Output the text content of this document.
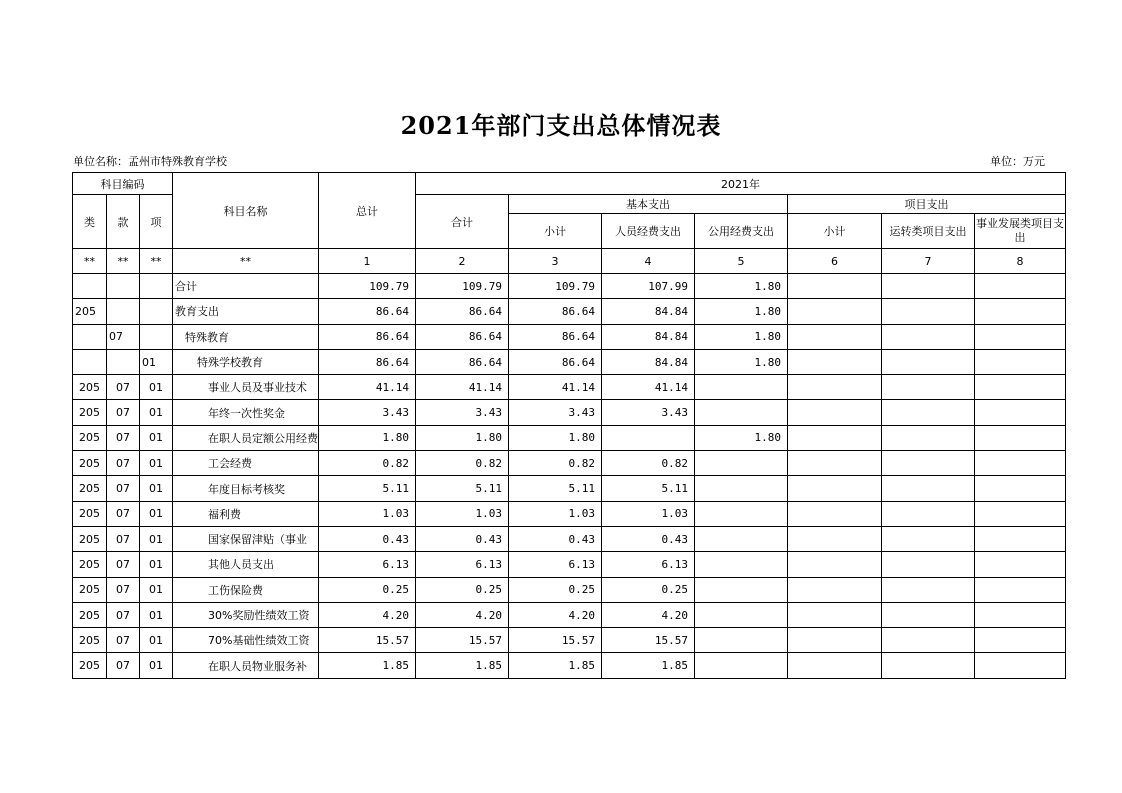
2021年部门支出总体情况表
单位名称：孟州市特殊教育学校	单位：万元
科目编码			科目名称	总计	2021年						
类	款	项			合计	基本支出			项目支出		
						小计	人员经费支出	公用经费支出	小计	运转类项目支出	事业发展类项目支出
**	**	**	**	1	2	3	4	5	6	7	8
			合计	109.79	109.79	109.79	107.99	1.80			
205			教育支出	86.64	86.64	86.64	84.84	1.80			
	07		特殊教育	86.64	86.64	86.64	84.84	1.80			
		01	特殊学校教育	86.64	86.64	86.64	84.84	1.80			
205	07	01	事业人员及事业技术	41.14	41.14	41.14	41.14				
205	07	01	年终一次性奖金	3.43	3.43	3.43	3.43				
205	07	01	在职人员定额公用经费	1.80	1.80	1.80		1.80			
205	07	01	工会经费	0.82	0.82	0.82	0.82				
205	07	01	年度目标考核奖	5.11	5.11	5.11	5.11				
205	07	01	福利费	1.03	1.03	1.03	1.03				
205	07	01	国家保留津贴（事业	0.43	0.43	0.43	0.43				
205	07	01	其他人员支出	6.13	6.13	6.13	6.13				
205	07	01	工伤保险费	0.25	0.25	0.25	0.25				
205	07	01	30%奖励性绩效工资	4.20	4.20	4.20	4.20				
205	07	01	70%基础性绩效工资	15.57	15.57	15.57	15.57				
205	07	01	在职人员物业服务补	1.85	1.85	1.85	1.85				
